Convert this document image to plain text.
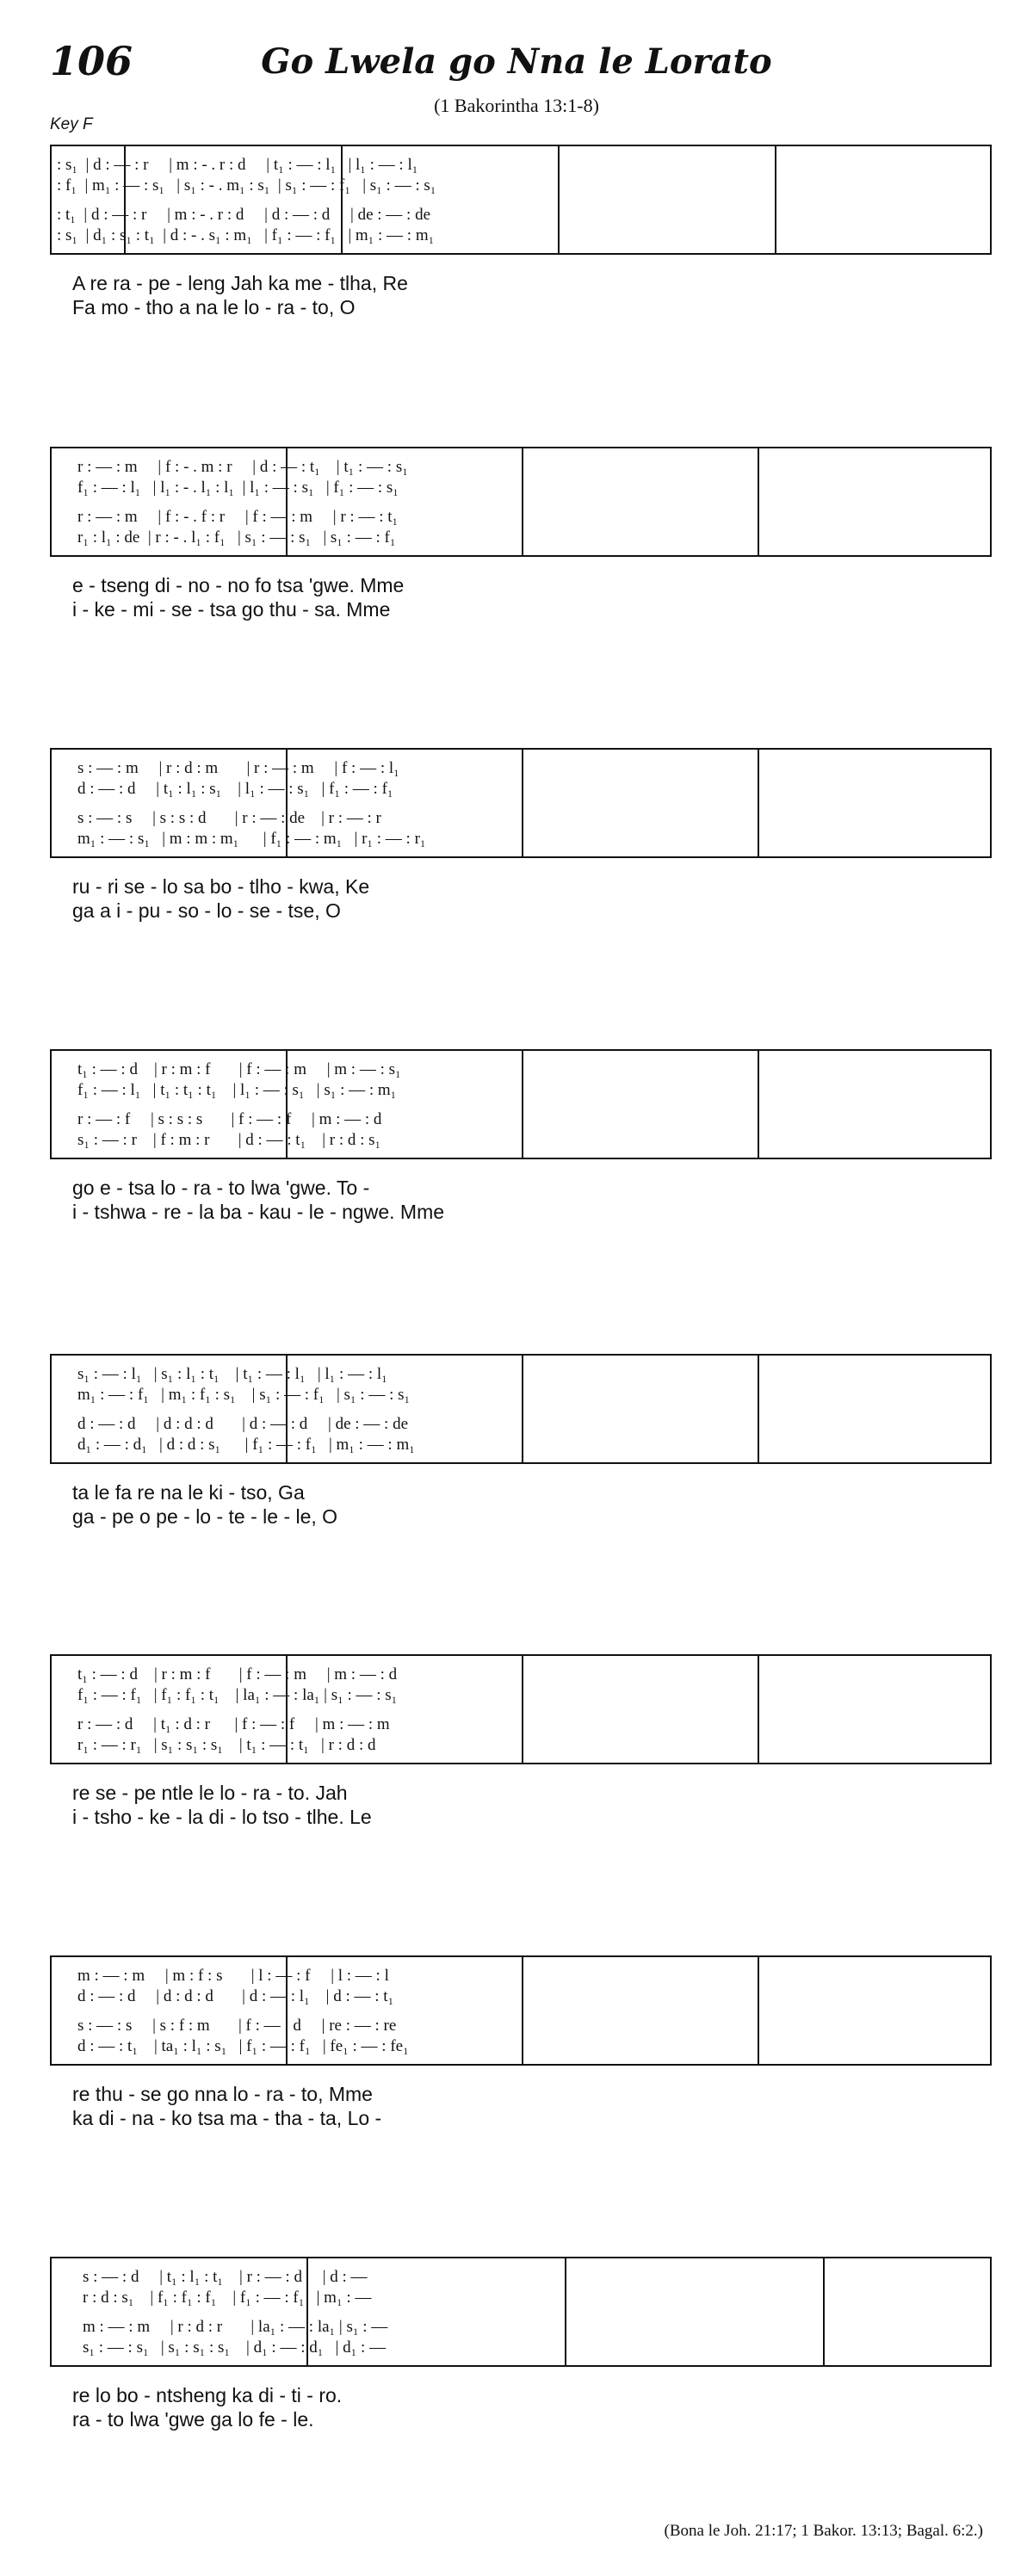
106	Go Lwela go Nna le Lorato
(1 Bakorintha 13:1-8)
Key F
: s₁  | d : — : r     | m : - . r : d     | t₁ : — : l₁   | l₁ : — : l₁
: f₁  | m₁ : — : s₁   | s₁ : - . m₁ : s₁  | s₁ : — : f₁   | s₁ : — : s₁
: t₁  | d : — : r     | m : - . r : d     | d : — : d     | de : — : de
: s₁  | d₁ : s₁ : t₁  | d : - . s₁ : m₁   | f₁ : — : f₁   | m₁ : — : m₁
A re ra - pe - leng Jah ka me - tlha, Re
Fa mo - tho a na le lo - ra - to, O
r : — : m     | f : - . m : r     | d : — : t₁    | t₁ : — : s₁
f₁ : — : l₁   | l₁ : - . l₁ : l₁  | l₁ : — : s₁   | f₁ : — : s₁
r : — : m     | f : - . f : r     | f : — : m     | r : — : t₁
r₁ : l₁ : de  | r : - . l₁ : f₁   | s₁ : — : s₁   | s₁ : — : f₁
e - tseng di - no - no fo tsa 'gwe. Mme
i - ke - mi - se - tsa go thu - sa. Mme
s : — : m     | r : d : m       | r : — : m     | f : — : l₁
d : — : d     | t₁ : l₁ : s₁    | l₁ : — : s₁   | f₁ : — : f₁
s : — : s     | s : s : d       | r : — : de    | r : — : r
m₁ : — : s₁   | m : m : m₁      | f₁ : — : m₁   | r₁ : — : r₁
ru - ri se - lo sa bo - tlho - kwa, Ke
ga a i - pu - so - lo - se - tse, O
t₁ : — : d    | r : m : f       | f : — : m     | m : — : s₁
f₁ : — : l₁   | t₁ : t₁ : t₁    | l₁ : — : s₁   | s₁ : — : m₁
r : — : f     | s : s : s       | f : — : f     | m : — : d
s₁ : — : r    | f : m : r       | d : — : t₁    | r : d : s₁
go e - tsa lo - ra - to lwa 'gwe. To -
i - tshwa - re - la ba - kau - le - ngwe. Mme
s₁ : — : l₁   | s₁ : l₁ : t₁    | t₁ : — : l₁   | l₁ : — : l₁
m₁ : — : f₁   | m₁ : f₁ : s₁    | s₁ : — : f₁   | s₁ : — : s₁
d : — : d     | d : d : d       | d : — : d     | de : — : de
d₁ : — : d₁   | d : d : s₁      | f₁ : — : f₁   | m₁ : — : m₁
ta le fa re na le ki - tso, Ga
ga - pe o pe - lo - te - le - le, O
t₁ : — : d    | r : m : f       | f : — : m     | m : — : d
f₁ : — : f₁   | f₁ : f₁ : t₁    | la₁ : — : la₁ | s₁ : — : s₁
r : — : d     | t₁ : d : r      | f : — : f     | m : — : m
r₁ : — : r₁   | s₁ : s₁ : s₁    | t₁ : — : t₁   | r : d : d
re se - pe ntle le lo - ra - to. Jah
i - tsho - ke - la di - lo tso - tlhe. Le
m : — : m     | m : f : s       | l : — : f     | l : — : l
d : — : d     | d : d : d       | d : — : l₁    | d : — : t₁
s : — : s     | s : f : m       | f : — : d     | re : — : re
d : — : t₁    | ta₁ : l₁ : s₁   | f₁ : — : f₁   | fe₁ : — : fe₁
re thu - se go nna lo - ra - to, Mme
ka di - na - ko tsa ma - tha - ta, Lo -
s : — : d     | t₁ : l₁ : t₁    | r : — : d     | d : —
r : d : s₁    | f₁ : f₁ : f₁    | f₁ : — : f₁   | m₁ : —
m : — : m     | r : d : r       | la₁ : — : la₁ | s₁ : —
s₁ : — : s₁   | s₁ : s₁ : s₁    | d₁ : — : d₁   | d₁ : —
re lo bo - ntsheng ka di - ti - ro.
ra - to lwa 'gwe ga lo fe - le.
(Bona le Joh. 21:17; 1 Bakor. 13:13; Bagal. 6:2.)
